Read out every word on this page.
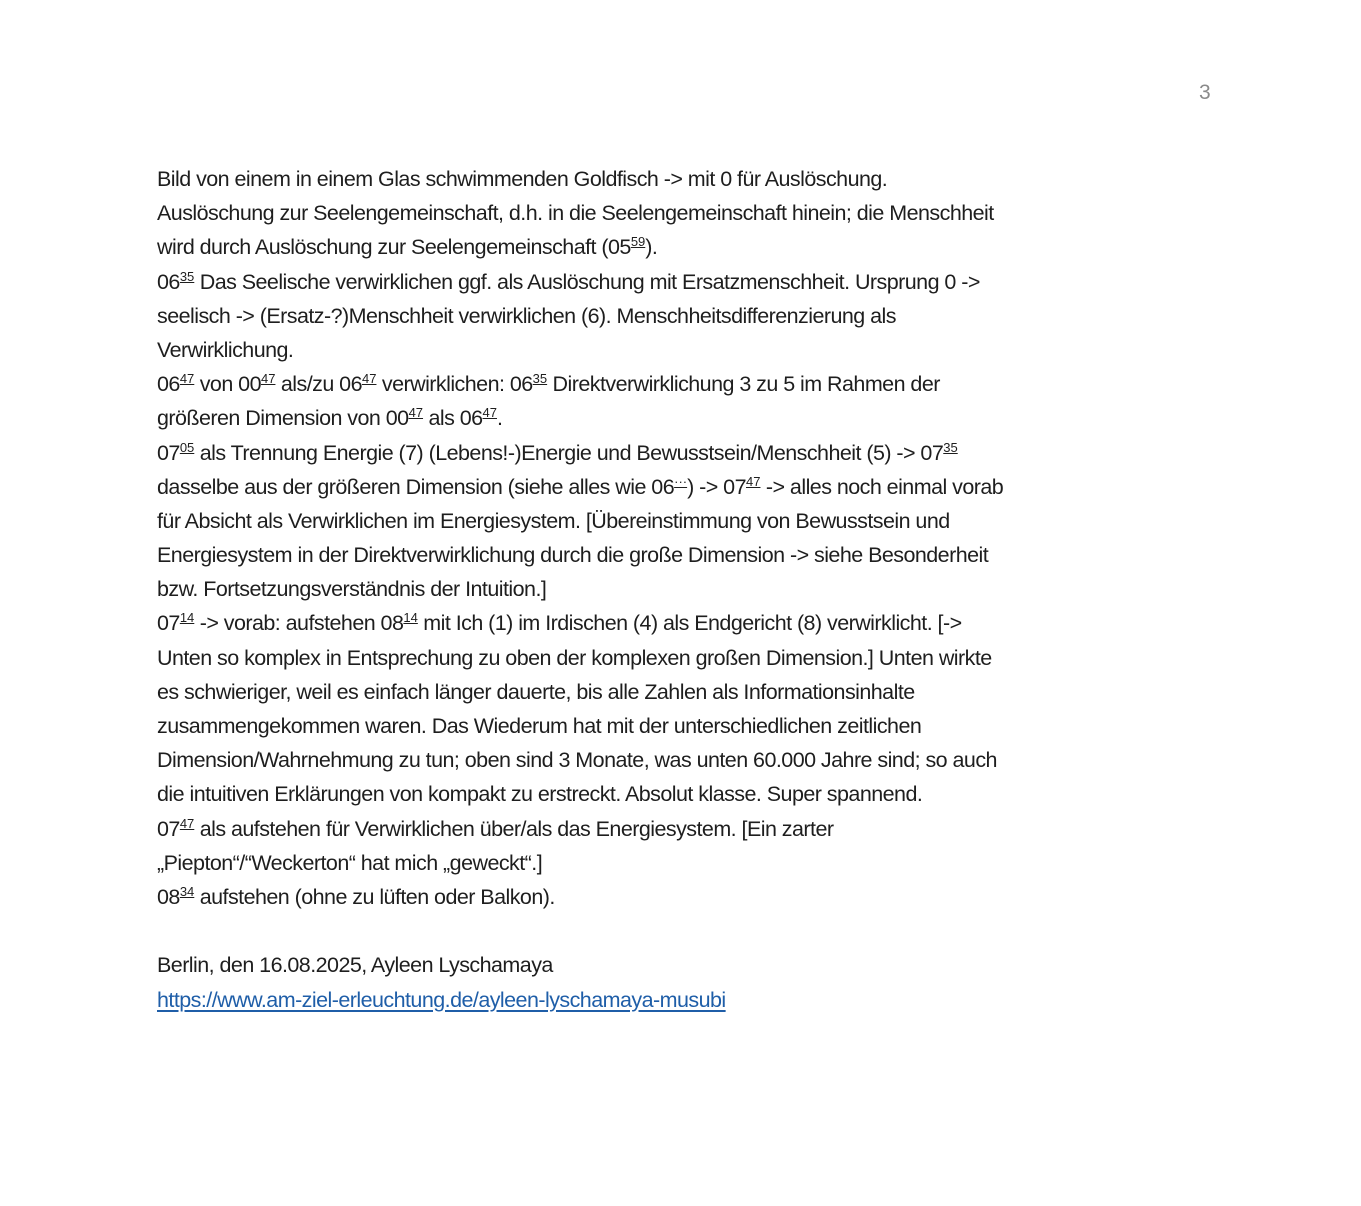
3
Bild von einem in einem Glas schwimmenden Goldfisch -> mit 0 für Auslöschung.
Auslöschung zur Seelengemeinschaft, d.h. in die Seelengemeinschaft hinein; die Menschheit
wird durch Auslöschung zur Seelengemeinschaft $(05^{59})$.
$06^{35}$ Das Seelische verwirklichen ggf. als Auslöschung mit Ersatzmenschheit. Ursprung 0 ->
seelisch -> (Ersatz-?)Menschheit verwirklichen (6). Menschheitsdifferenzierung als
Verwirklichung.
$06^{47}$ von $00^{47}$ als/zu $06^{47}$ verwirklichen: $06^{35}$ Direktverwirklichung 3 zu 5 im Rahmen der
größeren Dimension von $00^{47}$ als $06^{47}$.
$07^{05}$ als Trennung Energie (7) (Lebens!-)Energie und Bewusstsein/Menschheit $(5) -> 07^{35}$
dasselbe aus der größeren Dimension (siehe alles wie $06^{\cdot\cdot\cdot}) -> 07^{47}$ -> alles noch einmal vorab
für Absicht als Verwirklichen im Energiesystem. [Übereinstimmung von Bewusstsein und
Energiesystem in der Direktverwirklichung durch die große Dimension -> siehe Besonderheit
bzw. Fortsetzungsverständnis der Intuition.]
$07^{14}$ -> vorab: aufstehen $08^{14}$ mit Ich (1) im Irdischen (4) als Endgericht (8) verwirklicht. [->
Unten so komplex in Entsprechung zu oben der komplexen großen Dimension.] Unten wirkte
es schwieriger, weil es einfach länger dauerte, bis alle Zahlen als Informationsinhalte
zusammengekommen waren. Das Wiederum hat mit der unterschiedlichen zeitlichen
Dimension/Wahrnehmung zu tun; oben sind 3 Monate, was unten 60.000 Jahre sind; so auch
die intuitiven Erklärungen von kompakt zu erstreckt. Absolut klasse. Super spannend.
$07^{47}$ als aufstehen für Verwirklichen über/als das Energiesystem. [Ein zarter
„Piepton“/“Weckerton“ hat mich „geweckt“.]
$08^{34}$ aufstehen (ohne zu lüften oder Balkon).
Berlin, den 16.08.2025, Ayleen Lyschamaya
https://www.am-ziel-erleuchtung.de/ayleen-lyschamaya-musubi
